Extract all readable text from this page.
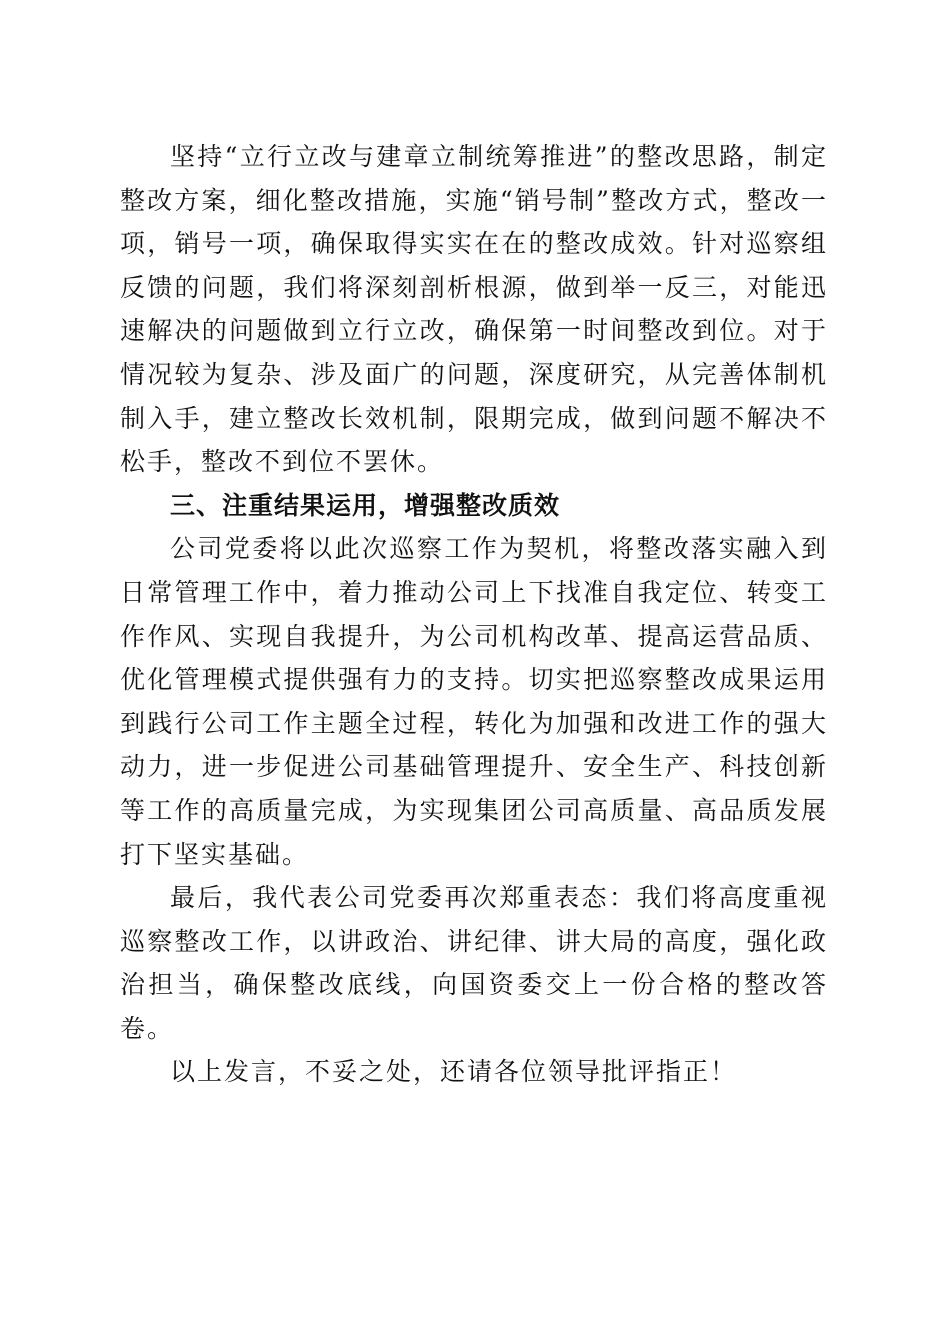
坚持“立行立改与建章立制统筹推进”的整改思路，制定整改方案，细化整改措施，实施“销号制”整改方式，整改一项，销号一项，确保取得实实在在的整改成效。针对巡察组反馈的问题，我们将深刻剖析根源，做到举一反三，对能迅速解决的问题做到立行立改，确保第一时间整改到位。对于情况较为复杂、涉及面广的问题，深度研究，从完善体制机制入手，建立整改长效机制，限期完成，做到问题不解决不松手，整改不到位不罢休。

三、注重结果运用，增强整改质效

公司党委将以此次巡察工作为契机，将整改落实融入到日常管理工作中，着力推动公司上下找准自我定位、转变工作作风、实现自我提升，为公司机构改革、提高运营品质、优化管理模式提供强有力的支持。切实把巡察整改成果运用到践行公司工作主题全过程，转化为加强和改进工作的强大动力，进一步促进公司基础管理提升、安全生产、科技创新等工作的高质量完成，为实现集团公司高质量、高品质发展打下坚实基础。

最后，我代表公司党委再次郑重表态：我们将高度重视巡察整改工作，以讲政治、讲纪律、讲大局的高度，强化政治担当，确保整改底线，向国资委交上一份合格的整改答卷。

以上发言，不妥之处，还请各位领导批评指正！
